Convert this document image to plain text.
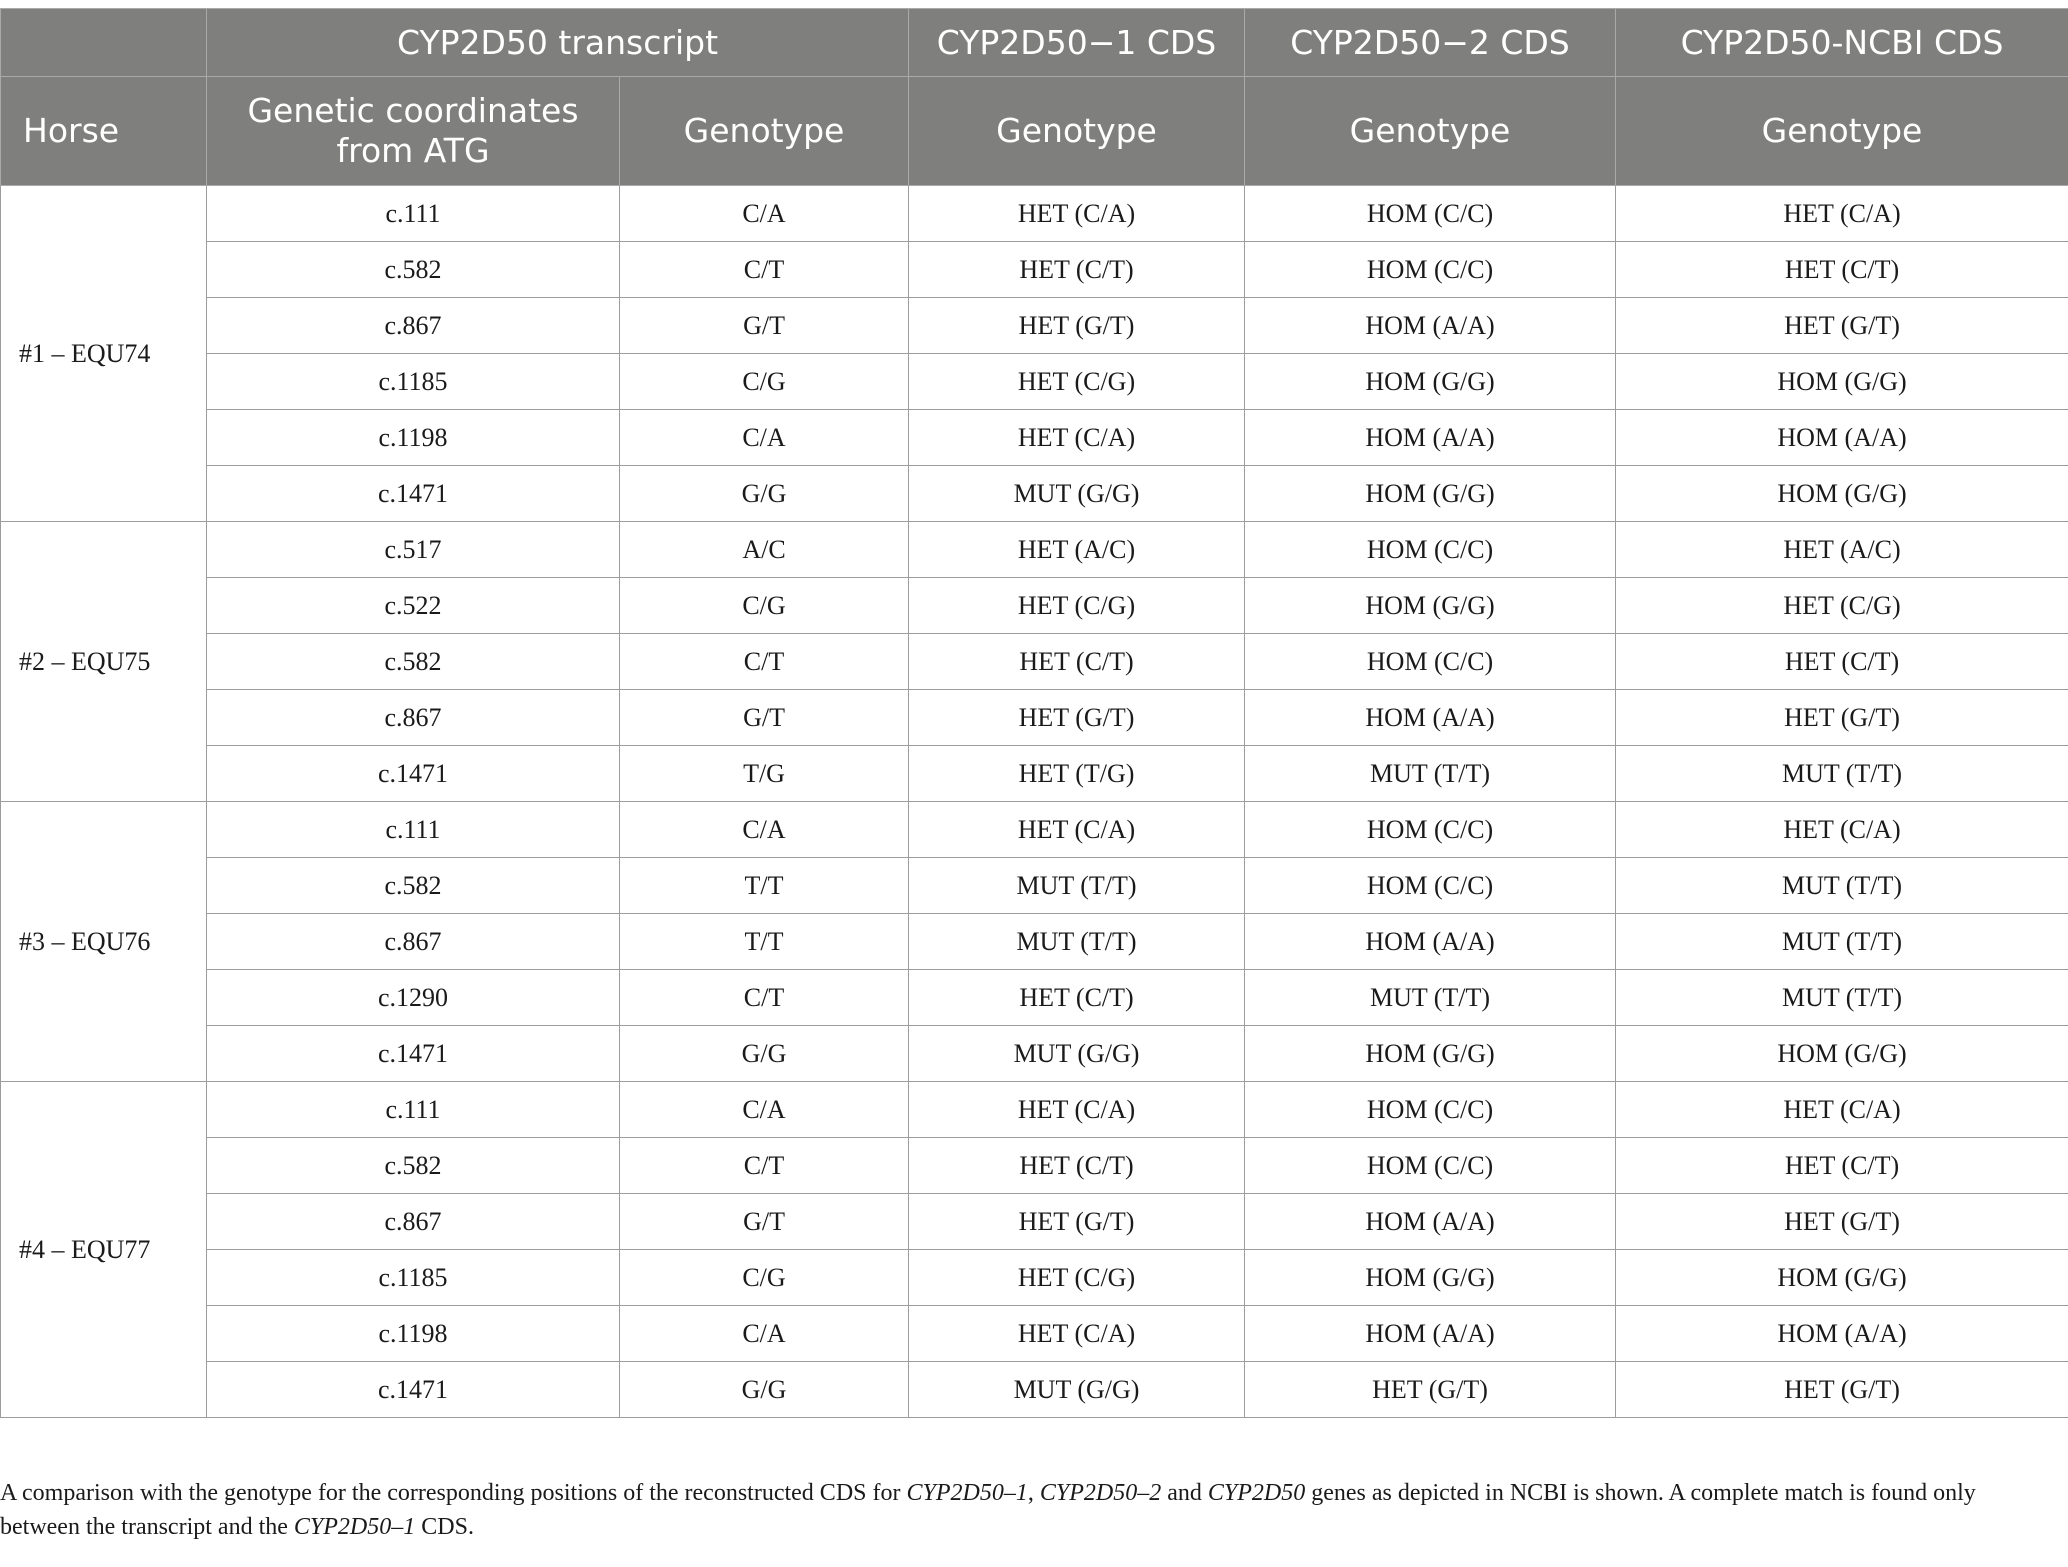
	CYP2D50 transcript		CYP2D50−1 CDS	CYP2D50−2 CDS	CYP2D50-NCBI CDS
Horse	Genetic coordinates from ATG	Genotype	Genotype	Genotype	Genotype
#1 – EQU74	c.111	C/A	HET (C/A)	HOM (C/C)	HET (C/A)
	c.582	C/T	HET (C/T)	HOM (C/C)	HET (C/T)
	c.867	G/T	HET (G/T)	HOM (A/A)	HET (G/T)
	c.1185	C/G	HET (C/G)	HOM (G/G)	HOM (G/G)
	c.1198	C/A	HET (C/A)	HOM (A/A)	HOM (A/A)
	c.1471	G/G	MUT (G/G)	HOM (G/G)	HOM (G/G)
#2 – EQU75	c.517	A/C	HET (A/C)	HOM (C/C)	HET (A/C)
	c.522	C/G	HET (C/G)	HOM (G/G)	HET (C/G)
	c.582	C/T	HET (C/T)	HOM (C/C)	HET (C/T)
	c.867	G/T	HET (G/T)	HOM (A/A)	HET (G/T)
	c.1471	T/G	HET (T/G)	MUT (T/T)	MUT (T/T)
#3 – EQU76	c.111	C/A	HET (C/A)	HOM (C/C)	HET (C/A)
	c.582	T/T	MUT (T/T)	HOM (C/C)	MUT (T/T)
	c.867	T/T	MUT (T/T)	HOM (A/A)	MUT (T/T)
	c.1290	C/T	HET (C/T)	MUT (T/T)	MUT (T/T)
	c.1471	G/G	MUT (G/G)	HOM (G/G)	HOM (G/G)
#4 – EQU77	c.111	C/A	HET (C/A)	HOM (C/C)	HET (C/A)
	c.582	C/T	HET (C/T)	HOM (C/C)	HET (C/T)
	c.867	G/T	HET (G/T)	HOM (A/A)	HET (G/T)
	c.1185	C/G	HET (C/G)	HOM (G/G)	HOM (G/G)
	c.1198	C/A	HET (C/A)	HOM (A/A)	HOM (A/A)
	c.1471	G/G	MUT (G/G)	HET (G/T)	HET (G/T)

A comparison with the genotype for the corresponding positions of the reconstructed CDS for CYP2D50–1, CYP2D50–2 and CYP2D50 genes as depicted in NCBI is shown. A complete match is found only between the transcript and the CYP2D50–1 CDS.
